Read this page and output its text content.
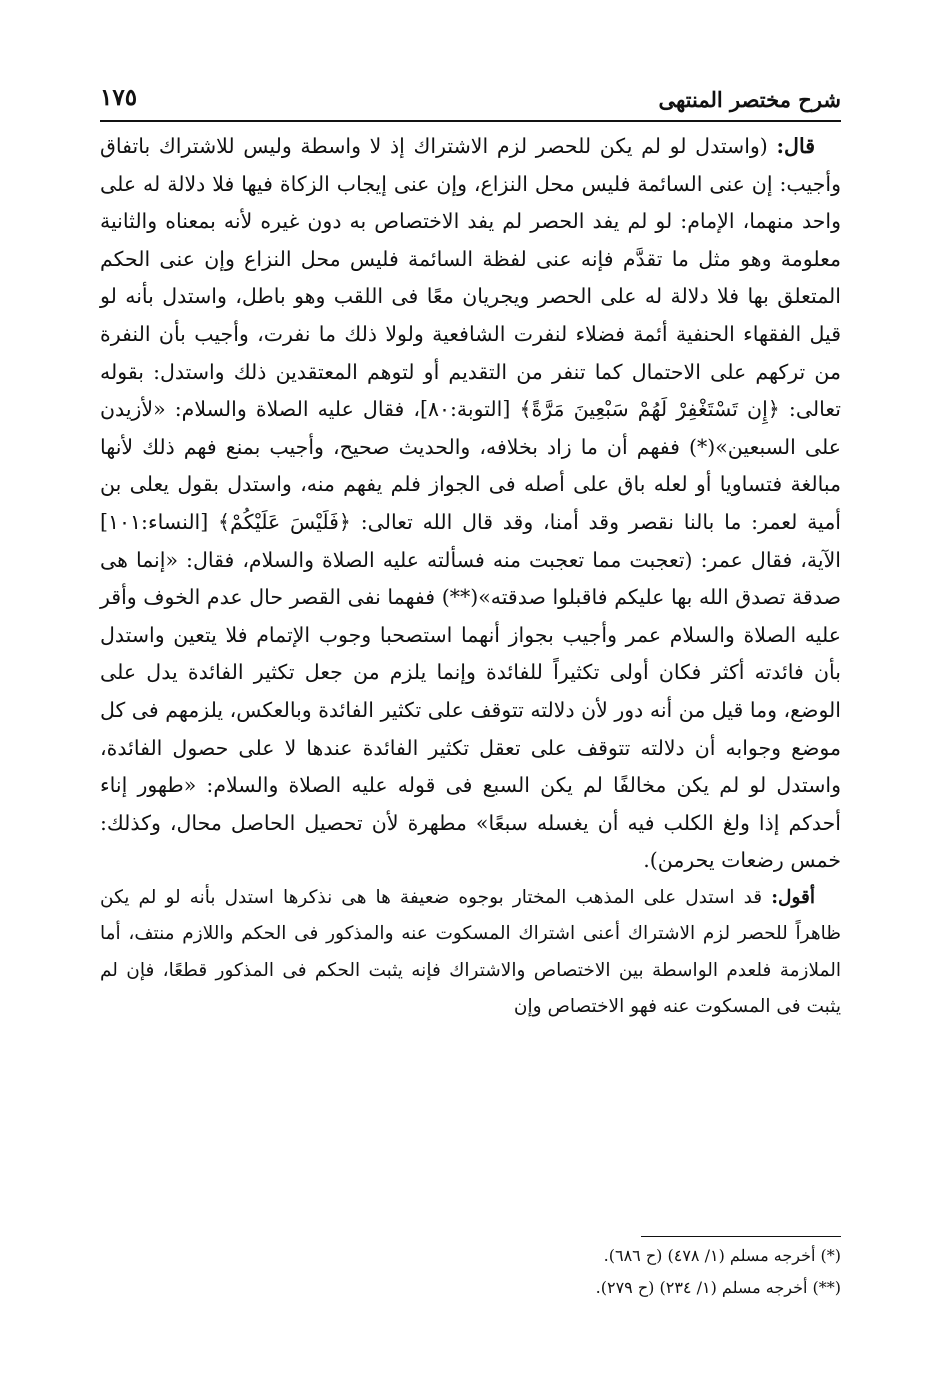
شرح مختصر المنتهى
١٧٥

قال: (واستدل لو لم يكن للحصر لزم الاشتراك إذ لا واسطة وليس للاشتراك باتفاق وأجيب: إن عنى السائمة فليس محل النزاع، وإن عنى إيجاب الزكاة فيها فلا دلالة له على واحد منهما، الإمام: لو لم يفد الحصر لم يفد الاختصاص به دون غيره لأنه بمعناه والثانية معلومة وهو مثل ما تقدَّم فإنه عنى لفظة السائمة فليس محل النزاع وإن عنى الحكم المتعلق بها فلا دلالة له على الحصر ويجريان معًا فى اللقب وهو باطل، واستدل بأنه لو قيل الفقهاء الحنفية أئمة فضلاء لنفرت الشافعية ولولا ذلك ما نفرت، وأجيب بأن النفرة من تركهم على الاحتمال كما تنفر من التقديم أو لتوهم المعتقدين ذلك واستدل: بقوله تعالى: ﴿إِن تَسْتَغْفِرْ لَهُمْ سَبْعِينَ مَرَّةً﴾ [التوبة:٨٠]، فقال عليه الصلاة والسلام: «لأزيدن على السبعين»(*) ففهم أن ما زاد بخلافه، والحديث صحيح، وأجيب بمنع فهم ذلك لأنها مبالغة فتساويا أو لعله باق على أصله فى الجواز فلم يفهم منه، واستدل بقول يعلى بن أمية لعمر: ما بالنا نقصر وقد أمنا، وقد قال الله تعالى: ﴿فَلَيْسَ عَلَيْكُمْ﴾ [النساء:١٠١] الآية، فقال عمر: (تعجبت مما تعجبت منه فسألته عليه الصلاة والسلام، فقال: «إنما هى صدقة تصدق الله بها عليكم فاقبلوا صدقته»(**) ففهما نفى القصر حال عدم الخوف وأقر عليه الصلاة والسلام عمر وأجيب بجواز أنهما استصحبا وجوب الإتمام فلا يتعين واستدل بأن فائدته أكثر فكان أولى تكثيراً للفائدة وإنما يلزم من جعل تكثير الفائدة يدل على الوضع، وما قيل من أنه دور لأن دلالته تتوقف على تكثير الفائدة وبالعكس، يلزمهم فى كل موضع وجوابه أن دلالته تتوقف على تعقل تكثير الفائدة عندها لا على حصول الفائدة، واستدل لو لم يكن مخالفًا لم يكن السبع فى قوله عليه الصلاة والسلام: «طهور إناء أحدكم إذا ولغ الكلب فيه أن يغسله سبعًا» مطهرة لأن تحصيل الحاصل محال، وكذلك: خمس رضعات يحرمن).

أقول: قد استدل على المذهب المختار بوجوه ضعيفة ها هى نذكرها استدل بأنه لو لم يكن ظاهراً للحصر لزم الاشتراك أعنى اشتراك المسكوت عنه والمذكور فى الحكم واللازم منتف، أما الملازمة فلعدم الواسطة بين الاختصاص والاشتراك فإنه يثبت الحكم فى المذكور قطعًا، فإن لم يثبت فى المسكوت عنه فهو الاختصاص وإن

(*) أخرجه مسلم (١/ ٤٧٨) (ح ٦٨٦).
(**) أخرجه مسلم (١/ ٢٣٤) (ح ٢٧٩).
